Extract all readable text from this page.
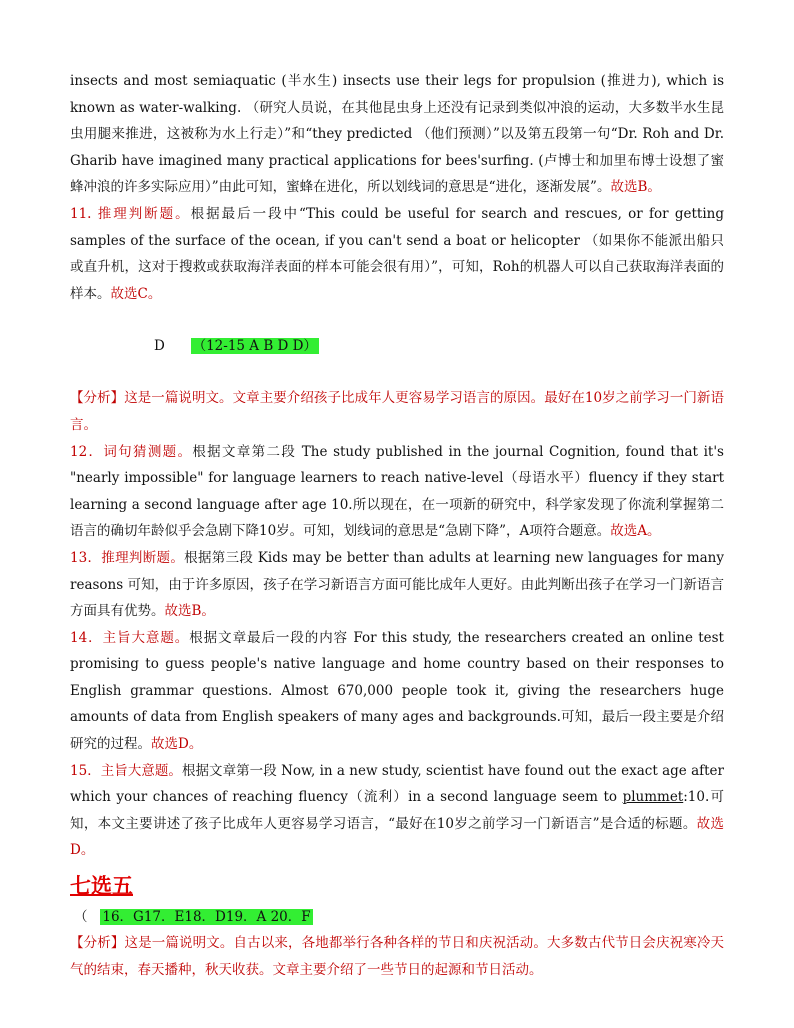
insects and most semiaquatic (半水生) insects use their legs for propulsion (推进力), which is known as water-walking. （研究人员说，在其他昆虫身上还没有记录到类似冲浪的运动，大多数半水生昆虫用腿来推进，这被称为水上行走）”和“they predicted （他们预测）”以及第五段第一句“Dr. Roh and Dr. Gharib have imagined many practical applications for bees'surfing. (卢博士和加里布博士设想了蜜蜂冲浪的许多实际应用）”由此可知，蜜蜂在进化，所以划线词的意思是“进化，逐渐发展”。故选B。

11. 推理判断题。根据最后一段中“This could be useful for search and rescues, or for getting samples of the surface of the ocean, if you can't send a boat or helicopter （如果你不能派出船只或直升机，这对于搜救或获取海洋表面的样本可能会很有用）”，可知，Roh的机器人可以自己获取海洋表面的样本。故选C。

D （12-15 A B D D）

【分析】这是一篇说明文。文章主要介绍孩子比成年人更容易学习语言的原因。最好在10岁之前学习一门新语言。

12．词句猜测题。根据文章第二段 The study published in the journal Cognition, found that it's "nearly impossible" for language learners to reach native-level（母语水平）fluency if they start learning a second language after age 10.所以现在，在一项新的研究中，科学家发现了你流利掌握第二语言的确切年龄似乎会急剧下降10岁。可知，划线词的意思是“急剧下降”，A项符合题意。故选A。

13．推理判断题。根据第三段 Kids may be better than adults at learning new languages for many reasons 可知，由于许多原因，孩子在学习新语言方面可能比成年人更好。由此判断出孩子在学习一门新语言方面具有优势。故选B。

14．主旨大意题。根据文章最后一段的内容 For this study, the researchers created an online test promising to guess people's native language and home country based on their responses to English grammar questions. Almost 670,000 people took it, giving the researchers huge amounts of data from English speakers of many ages and backgrounds.可知，最后一段主要是介绍研究的过程。故选D。

15．主旨大意题。根据文章第一段 Now, in a new study, scientist have found out the exact age after which your chances of reaching fluency（流利）in a second language seem to plummet:10.可知，本文主要讲述了孩子比成年人更容易学习语言，“最好在10岁之前学习一门新语言”是合适的标题。故选D。

七选五
（ 16．G17．E18．D19．A 20．F

【分析】这是一篇说明文。自古以来，各地都举行各种各样的节日和庆祝活动。大多数古代节日会庆祝寒冷天气的结束，春天播种，秋天收获。文章主要介绍了一些节日的起源和节日活动。
